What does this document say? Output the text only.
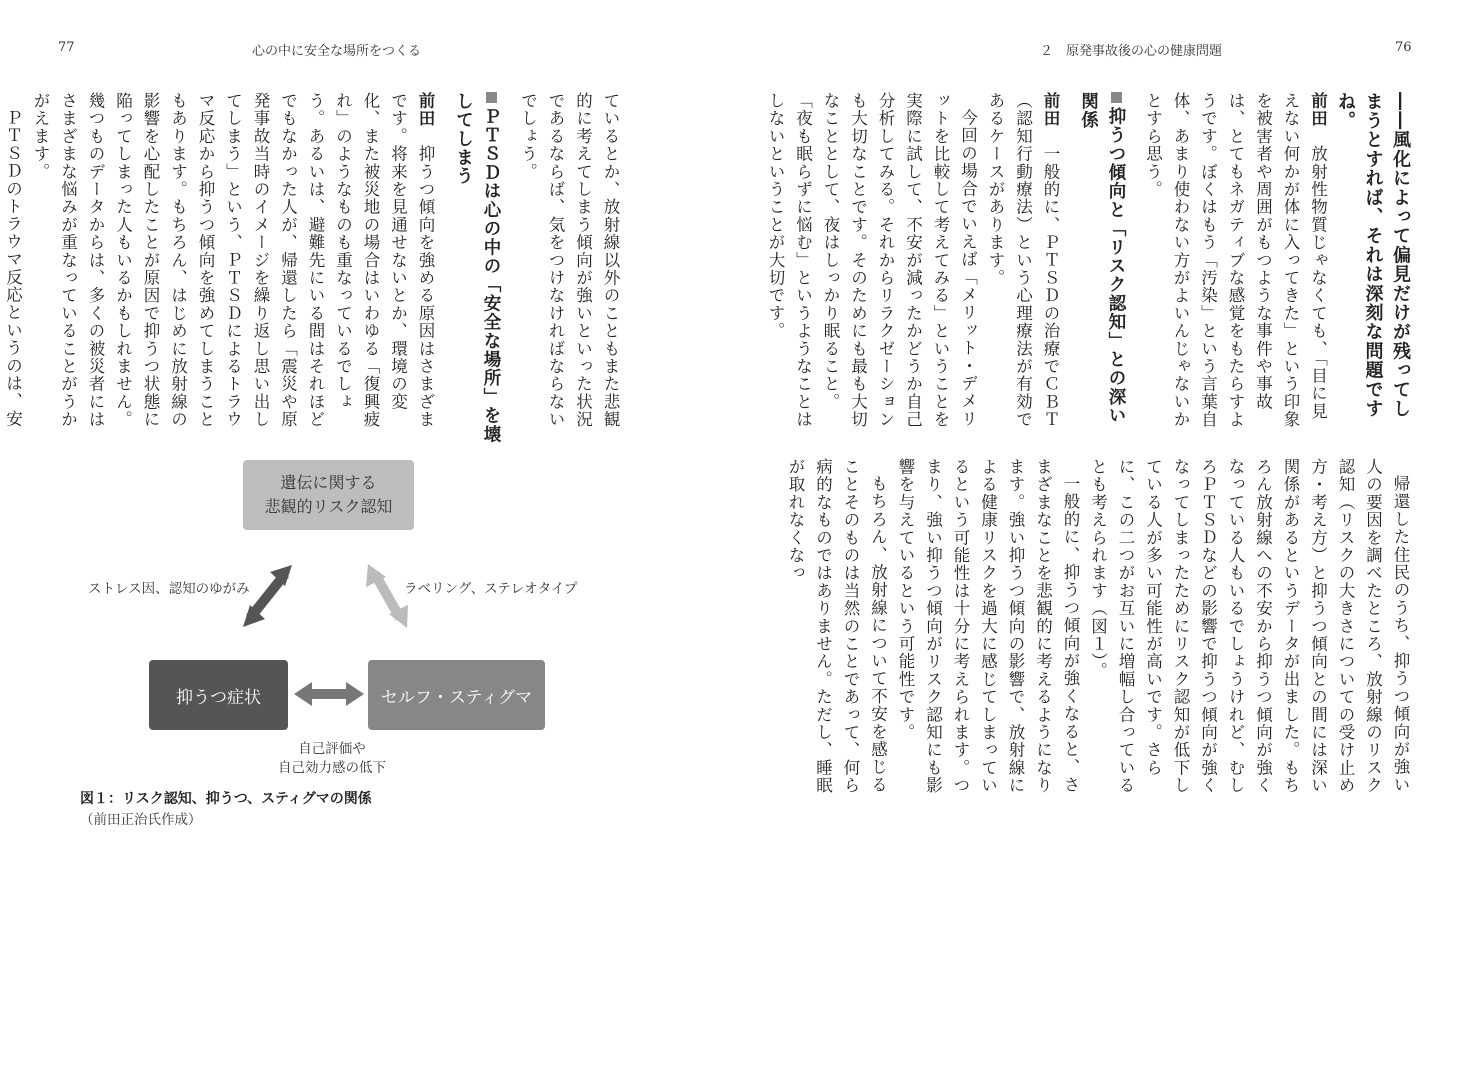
77	心の中に安全な場所をつくる

ているとか、放射線以外のこともまた悲観的に考えてしまう傾向が強いといった状況であるならば、気をつけなければならないでしょう。

ＰＴＳＤは心の中の「安全な場所」を壊してしまう

前田　抑うつ傾向を強める原因はさまざまです。将来を見通せないとか、環境の変化、また被災地の場合はいわゆる「復興疲れ」のようなものも重なっているでしょう。あるいは、避難先にいる間はそれほどでもなかった人が、帰還したら「震災や原発事故当時のイメージを繰り返し思い出してしまう」という、ＰＴＳＤによるトラウマ反応から抑うつ傾向を強めてしまうこともあります。もちろん、はじめに放射線の影響を心配したことが原因で抑うつ状態に陥ってしまった人もいるかもしれません。幾つものデータからは、多くの被災者にはさまざまな悩みが重なっていることがうかがえます。

ＰＴＳＤのトラウマ反応というのは、安

遺伝に関する
悲観的リスク認知
抑うつ症状	セルフ・スティグマ
ストレス因、認知のゆがみ	ラベリング、ステレオタイプ
自己評価や
自己効力感の低下
図１：リスク認知、抑うつ、スティグマの関係
（前田正治氏作成）
２　原発事故後の心の健康問題	76

――風化によって偏見だけが残ってしまうとすれば、それは深刻な問題ですね。

前田　放射性物質じゃなくても、「目に見えない何かが体に入ってきた」という印象を被害者や周囲がもつような事件や事故は、とてもネガティブな感覚をもたらすようです。ぼくはもう「汚染」という言葉自体、あまり使わない方がよいんじゃないかとすら思う。

抑うつ傾向と「リスク認知」との深い関係

前田　一般的に、ＰＴＳＤの治療でＣＢＴ（認知行動療法）という心理療法が有効であるケースがあります。

今回の場合でいえば「メリット・デメリットを比較して考えてみる」ということを実際に試して、不安が減ったかどうか自己分析してみる。それからリラクゼーションも大切なことです。そのためにも最も大切なこととして、夜はしっかり眠ること。「夜も眠らずに悩む」というようなことはしないということが大切です。

帰還した住民のうち、抑うつ傾向が強い人の要因を調べたところ、放射線のリスク認知（リスクの大きさについての受け止め方・考え方）と抑うつ傾向との間には深い関係があるというデータが出ました。もちろん放射線への不安から抑うつ傾向が強くなっている人もいるでしょうけれど、むしろＰＴＳＤなどの影響で抑うつ傾向が強くなってしまったためにリスク認知が低下している人が多い可能性が高いです。さらに、この二つがお互いに増幅し合っているとも考えられます（図１）。

一般的に、抑うつ傾向が強くなると、さまざまなことを悲観的に考えるようになります。強い抑うつ傾向の影響で、放射線による健康リスクを過大に感じてしまっているという可能性は十分に考えられます。つまり、強い抑うつ傾向がリスク認知にも影響を与えているという可能性です。

もちろん、放射線について不安を感じることそのものは当然のことであって、何ら病的なものではありません。ただし、睡眠が取れなくなっ
